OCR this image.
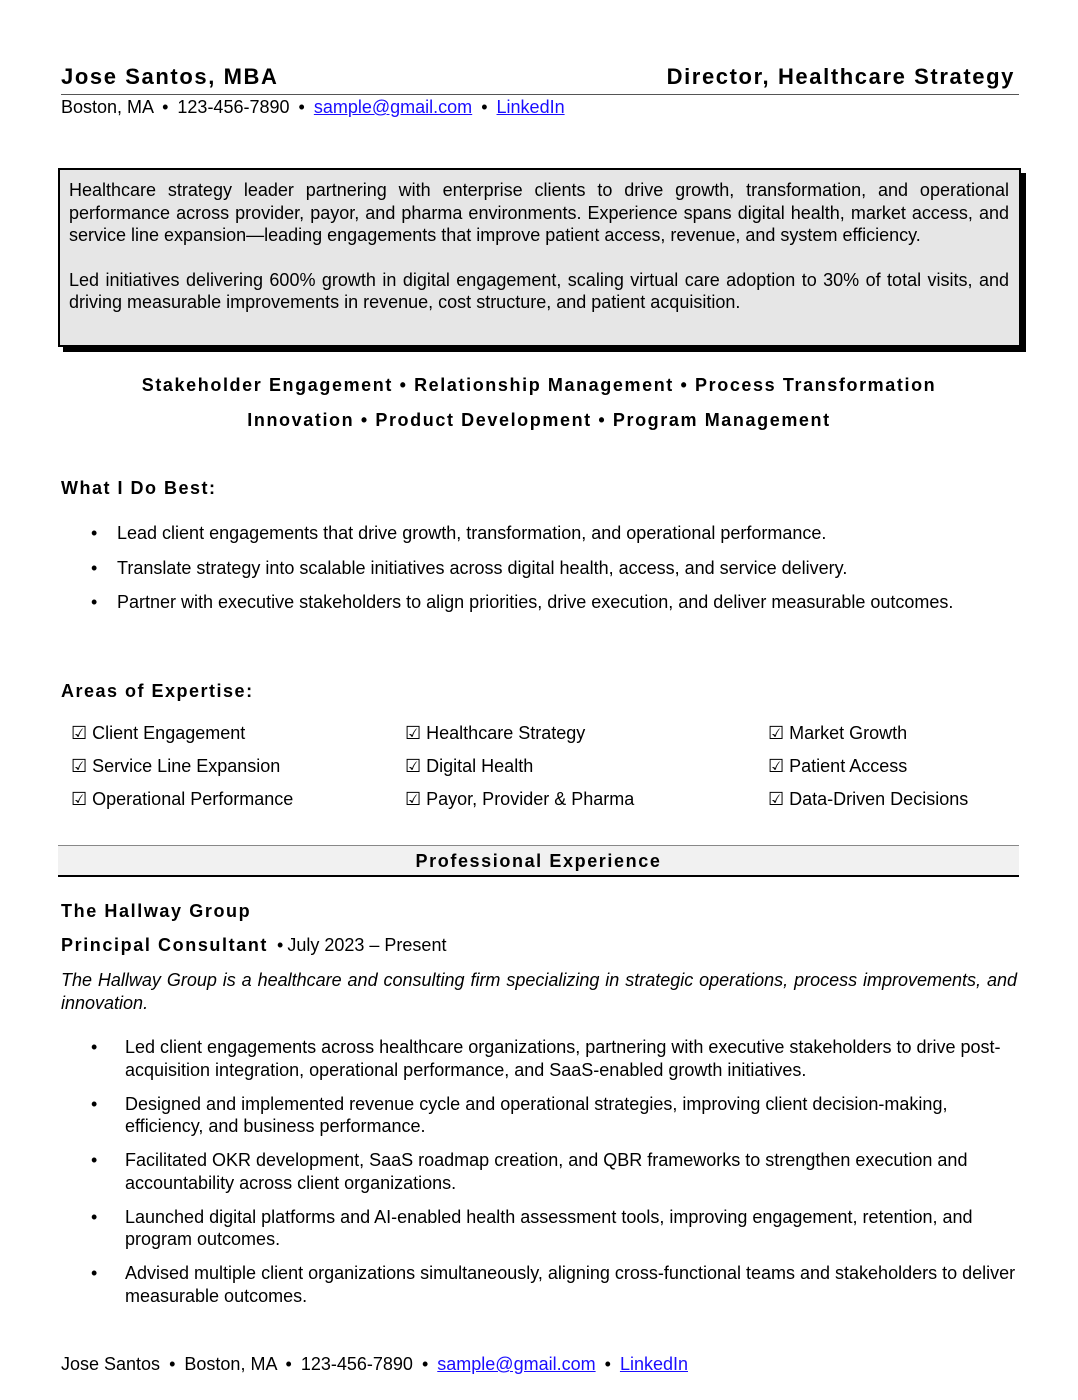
Jose Santos, MBA	Director, Healthcare Strategy
Boston, MA • 123-456-7890 • sample@gmail.com • LinkedIn

Healthcare strategy leader partnering with enterprise clients to drive growth, transformation, and operational performance across provider, payor, and pharma environments. Experience spans digital health, market access, and service line expansion—leading engagements that improve patient access, revenue, and system efficiency.

Led initiatives delivering 600% growth in digital engagement, scaling virtual care adoption to 30% of total visits, and driving measurable improvements in revenue, cost structure, and patient acquisition.

Stakeholder Engagement • Relationship Management • Process Transformation
Innovation • Product Development • Program Management
What I Do Best:
• Lead client engagements that drive growth, transformation, and operational performance.
• Translate strategy into scalable initiatives across digital health, access, and service delivery.
• Partner with executive stakeholders to align priorities, drive execution, and deliver measurable outcomes.
Areas of Expertise:
☑ Client Engagement	☑ Healthcare Strategy	☑ Market Growth
☑ Service Line Expansion	☑ Digital Health	☑ Patient Access
☑ Operational Performance	☑ Payor, Provider & Pharma	☑ Data-Driven Decisions
Professional Experience
The Hallway Group
Principal Consultant • July 2023 – Present

The Hallway Group is a healthcare and consulting firm specializing in strategic operations, process improvements, and innovation.

• Led client engagements across healthcare organizations, partnering with executive stakeholders to drive post-acquisition integration, operational performance, and SaaS-enabled growth initiatives.
• Designed and implemented revenue cycle and operational strategies, improving client decision-making, efficiency, and business performance.
• Facilitated OKR development, SaaS roadmap creation, and QBR frameworks to strengthen execution and accountability across client organizations.
• Launched digital platforms and AI-enabled health assessment tools, improving engagement, retention, and program outcomes.
• Advised multiple client organizations simultaneously, aligning cross-functional teams and stakeholders to deliver measurable outcomes.
Jose Santos • Boston, MA • 123-456-7890 • sample@gmail.com • LinkedIn
